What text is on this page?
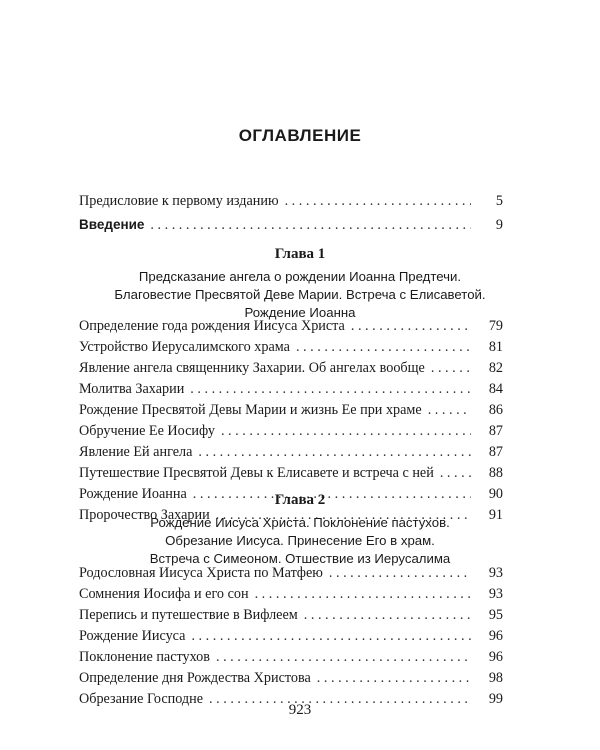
ОГЛАВЛЕНИЕ
Предисловие к первому изданию . . .	5
Введение . . .	9
Глава 1
Предсказание ангела о рождении Иоанна Предтечи.
Благовестие Пресвятой Деве Марии. Встреча с Елисаветой.
Рождение Иоанна
Определение года рождения Иисуса Христа . . .	79
Устройство Иерусалимского храма . . .	81
Явление ангела священнику Захарии. Об ангелах вообще . . .	82
Молитва Захарии . . .	84
Рождение Пресвятой Девы Марии и жизнь Ее при храме . . .	86
Обручение Ее Иосифу . . .	87
Явление Ей ангела . . .	87
Путешествие Пресвятой Девы к Елисавете и встреча с ней . . .	88
Рождение Иоанна . . .	90
Пророчество Захарии . . .	91
Глава 2
Рождение Иисуса Христа. Поклонение пастухов.
Обрезание Иисуса. Принесение Его в храм.
Встреча с Симеоном. Отшествие из Иерусалима
Родословная Иисуса Христа по Матфею . . .	93
Сомнения Иосифа и его сон . . .	93
Перепись и путешествие в Вифлеем . . .	95
Рождение Иисуса . . .	96
Поклонение пастухов . . .	96
Определение дня Рождества Христова . . .	98
Обрезание Господне . . .	99
923
